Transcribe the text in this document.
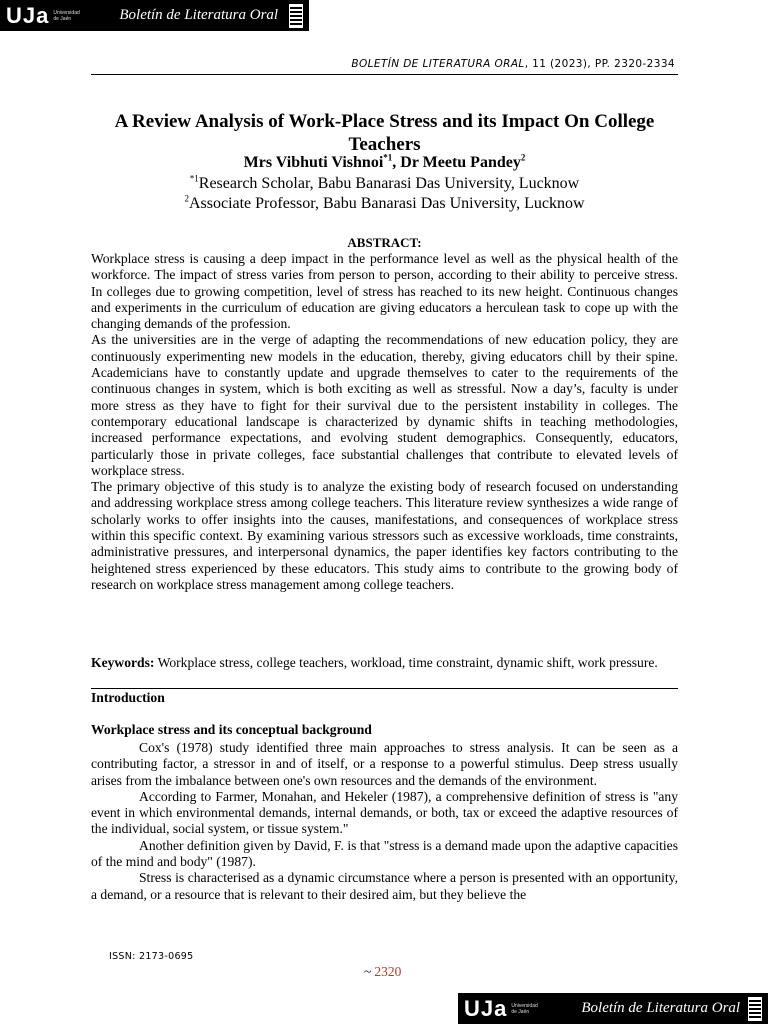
UJa Universidad de Jaén	Boletín de Literatura Oral
BOLETÍN DE LITERATURA ORAL, 11 (2023), PP. 2320-2334
A Review Analysis of Work-Place Stress and its Impact On College Teachers
Mrs Vibhuti Vishnoi$^{*1}$, Dr Meetu Pandey$^2$
$^{*1}$Research Scholar, Babu Banarasi Das University, Lucknow
$^2$Associate Professor, Babu Banarasi Das University, Lucknow
ABSTRACT:

Workplace stress is causing a deep impact in the performance level as well as the physical health of the workforce. The impact of stress varies from person to person, according to their ability to perceive stress. In colleges due to growing competition, level of stress has reached to its new height. Continuous changes and experiments in the curriculum of education are giving educators a herculean task to cope up with the changing demands of the profession.

As the universities are in the verge of adapting the recommendations of new education policy, they are continuously experimenting new models in the education, thereby, giving educators chill by their spine. Academicians have to constantly update and upgrade themselves to cater to the requirements of the continuous changes in system, which is both exciting as well as stressful. Now a day’s, faculty is under more stress as they have to fight for their survival due to the persistent instability in colleges. The contemporary educational landscape is characterized by dynamic shifts in teaching methodologies, increased performance expectations, and evolving student demographics. Consequently, educators, particularly those in private colleges, face substantial challenges that contribute to elevated levels of workplace stress.

The primary objective of this study is to analyze the existing body of research focused on understanding and addressing workplace stress among college teachers. This literature review synthesizes a wide range of scholarly works to offer insights into the causes, manifestations, and consequences of workplace stress within this specific context. By examining various stressors such as excessive workloads, time constraints, administrative pressures, and interpersonal dynamics, the paper identifies key factors contributing to the heightened stress experienced by these educators. This study aims to contribute to the growing body of research on workplace stress management among college teachers.

Keywords: Workplace stress, college teachers, workload, time constraint, dynamic shift, work pressure.
Introduction
Workplace stress and its conceptual background

Cox's (1978) study identified three main approaches to stress analysis. It can be seen as a contributing factor, a stressor in and of itself, or a response to a powerful stimulus. Deep stress usually arises from the imbalance between one's own resources and the demands of the environment.

According to Farmer, Monahan, and Hekeler (1987), a comprehensive definition of stress is "any event in which environmental demands, internal demands, or both, tax or exceed the adaptive resources of the individual, social system, or tissue system."

Another definition given by David, F. is that "stress is a demand made upon the adaptive capacities of the mind and body" (1987).

Stress is characterised as a dynamic circumstance where a person is presented with an opportunity, a demand, or a resource that is relevant to their desired aim, but they believe the

ISSN: 2173-0695
~ 2320
UJa Universidad de Jaén	Boletín de Literatura Oral
